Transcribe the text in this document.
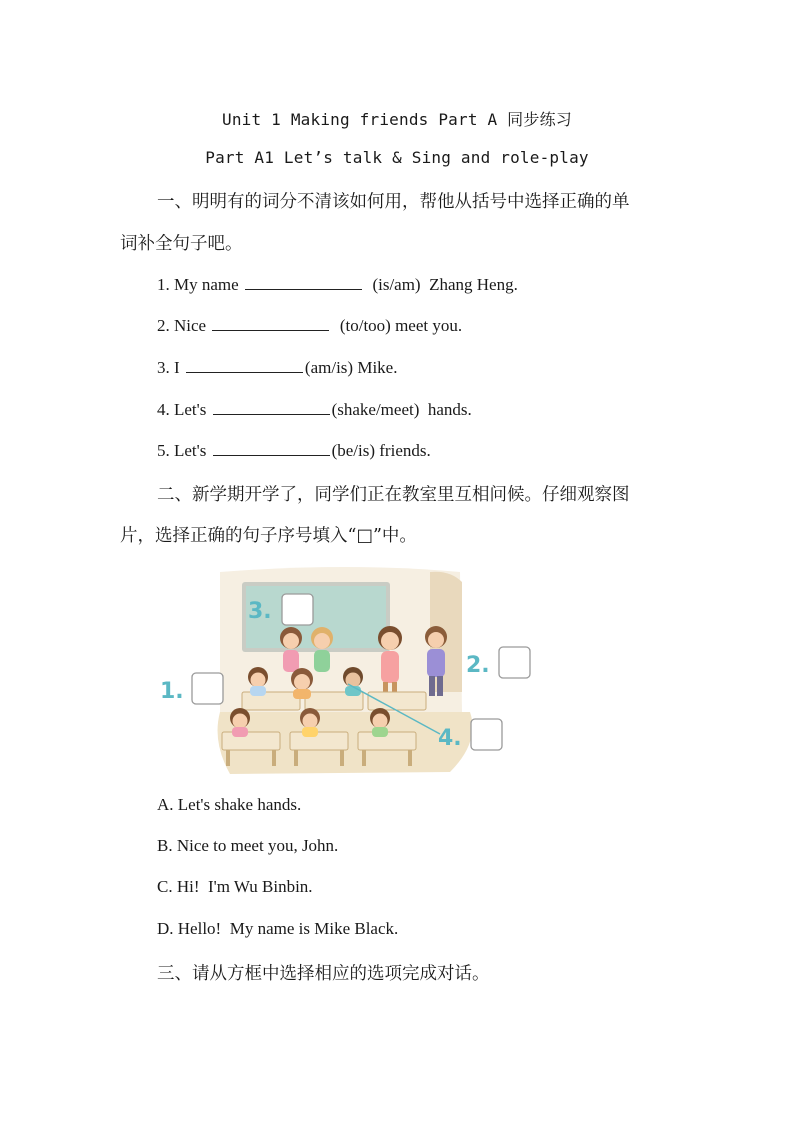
Unit 1 Making friends Part A 同步练习
Part A1 Let’s talk & Sing and role-play
一、明明有的词分不清该如何用，帮他从括号中选择正确的单
词补全句子吧。
1. My name	(is/am)  Zhang Heng.
2. Nice	(to/too) meet you.
3. I	(am/is) Mike.
4. Let's	(shake/meet)  hands.
5. Let's	(be/is) friends.
二、新学期开学了，同学们正在教室里互相问候。仔细观察图
片，选择正确的句子序号填入“□”中。
3.
1.
2.
4.
A. Let's shake hands.
B. Nice to meet you, John.
C. Hi!  I'm Wu Binbin.
D. Hello!  My name is Mike Black.
三、请从方框中选择相应的选项完成对话。
